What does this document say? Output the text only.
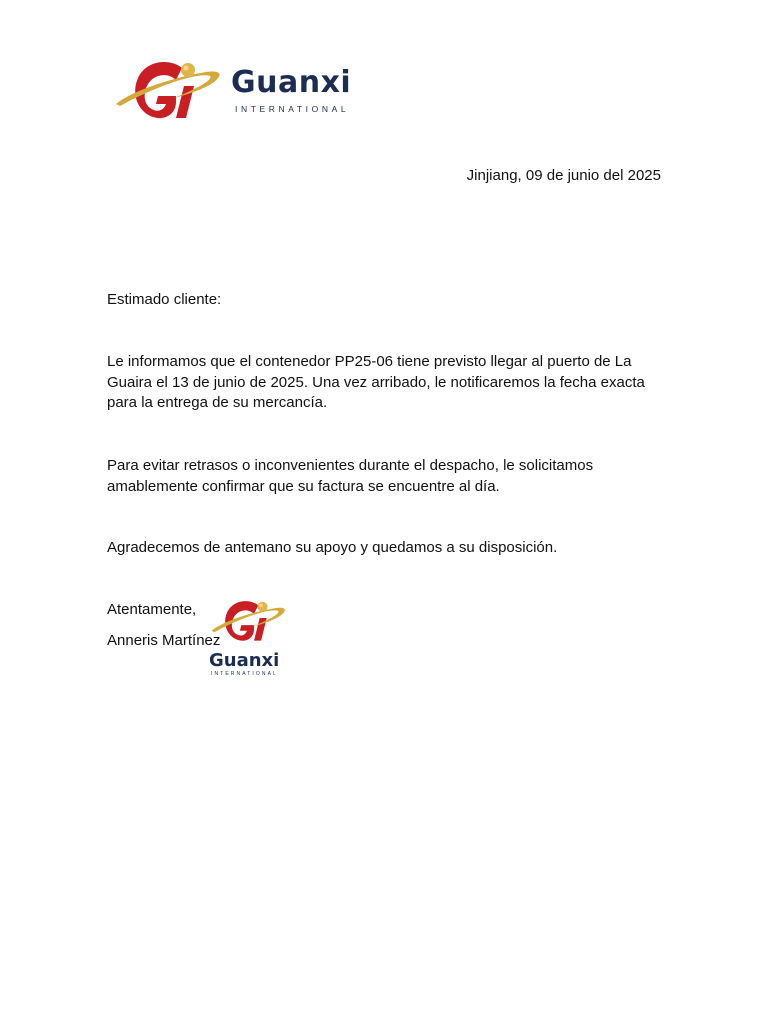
Guanxi
INTERNATIONAL
Jinjiang, 09 de junio del 2025

Estimado cliente:

Le informamos que el contenedor PP25-06 tiene previsto llegar al puerto de La Guaira el 13 de junio de 2025. Una vez arribado, le notificaremos la fecha exacta para la entrega de su mercancía.

Para evitar retrasos o inconvenientes durante el despacho, le solicitamos amablemente confirmar que su factura se encuentre al día.

Agradecemos de antemano su apoyo y quedamos a su disposición.

Atentamente,

Anneris Martínez

Guanxi
INTERNATIONAL
